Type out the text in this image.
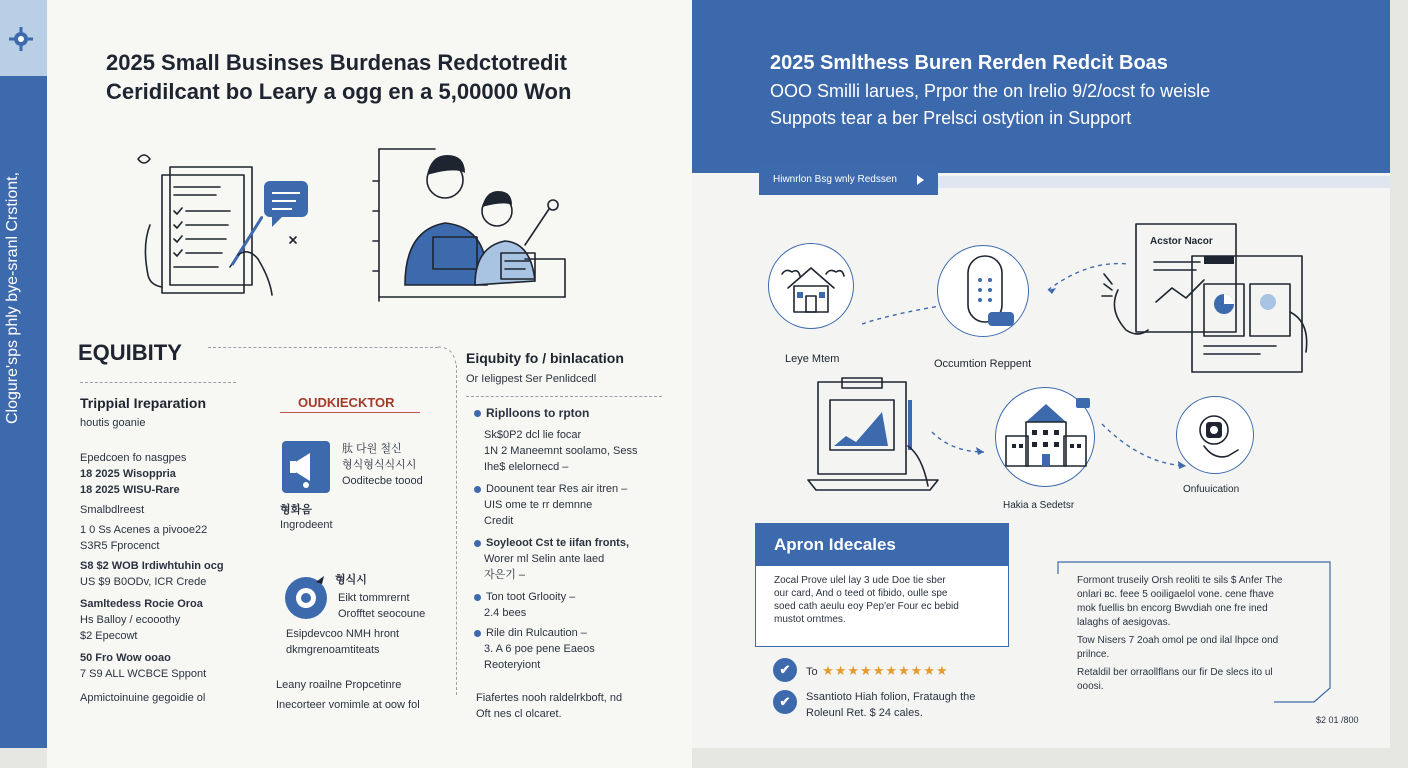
2025 Small Businses Burdenas Redctotredit
Ceridilcant bo Leary a ogg en a 5,00000 Won
EQUIBITY
Trippial Ireparation
houtis goanie
Epedcoen fo nasgpes
18 2025 Wisoppria
18 2025 WISU-Rare
Smalbdlreest
1 0 Ss Acenes a pivooe22
S3R5 Fprocenct
S8 $2 WOB Irdiwhtuhin ocg
US $9 B0ODv, ICR Crede
Samltedess Rocie Oroa
Hs Balloy / ecooothy
$2 Epecowt
50 Fro Wow ooao
7 S9 ALL WCBCE Sppont
Apmictoinuine gegoidie ol
OUDKIECKTOR
肽 다원 철신
형식형식식시시
Ooditecbe toood
형화음
Ingrodeent
형식시
Eikt tommrernt
Orofftet seocoune
Esipdevcoo NMH hront
dkmgrenoamtiteats
Leany roailne Propcetinre
Inecorteer vomimle at oow fol
Eiqubity fo / binlacation
Or Ieligpest Ser Penlidcedl
Riplloons to rpton
Sk$0P2 dcl lie focar
1N 2 Maneemnt soolamo, Sess
Ihe$ elelornecd –
Doounent tear Res air itren –
UIS ome te rr demnne
Credit
Soyleoot Cst te iifan fronts,
Worer ml Selin ante laed
자은기 –
Ton toot Grlooity –
2.4 bees
Rile din Rulcaution –
3. A 6 poe pene Eaeos
Reoteryiont
Fiafertes nooh raldelrkboft, nd
Oft nes cl olcaret.
2025 Smlthess Buren Rerden Redcit Boas
OOO Smilli larues, Prpor the on Irelio 9/2/ocst fo weisle
Suppots tear a ber Prelsci ostytion in Support
Hiwnrlon Bsg wnly Redssen
Leye Mtem	Occumtion Reppent
Acstor Nacor
Hakia a Sedetsr
Onfuuication
Apron Idecales
Zocal Prove ulel lay 3 ude Doe tie sber
our card, And o teed ot fibido, oulle spe
soed cath aeulu eoy Pep'er Four ec bebid
mustot orntmes.
✔	To ★★★★★★★★★★
✔	Ssantioto Hiah folion, Frataugh the
Roleunl Ret. $ 24 cales.
Formont truseily Orsh reoliti te sils $ Anfer The
onlari вс. feee 5 ooiligaelol vone. cene fhave
mok fuellis bn encorg Bwvdiah one fre ined
lalaghs of aesigovas.
Tow Nisers 7 2oah omol pe ond ilal lhpce ond
prilnce.
Retaldil ber orraollflans our fir De slecs ito ul
ooosi.
$2 01 /800
